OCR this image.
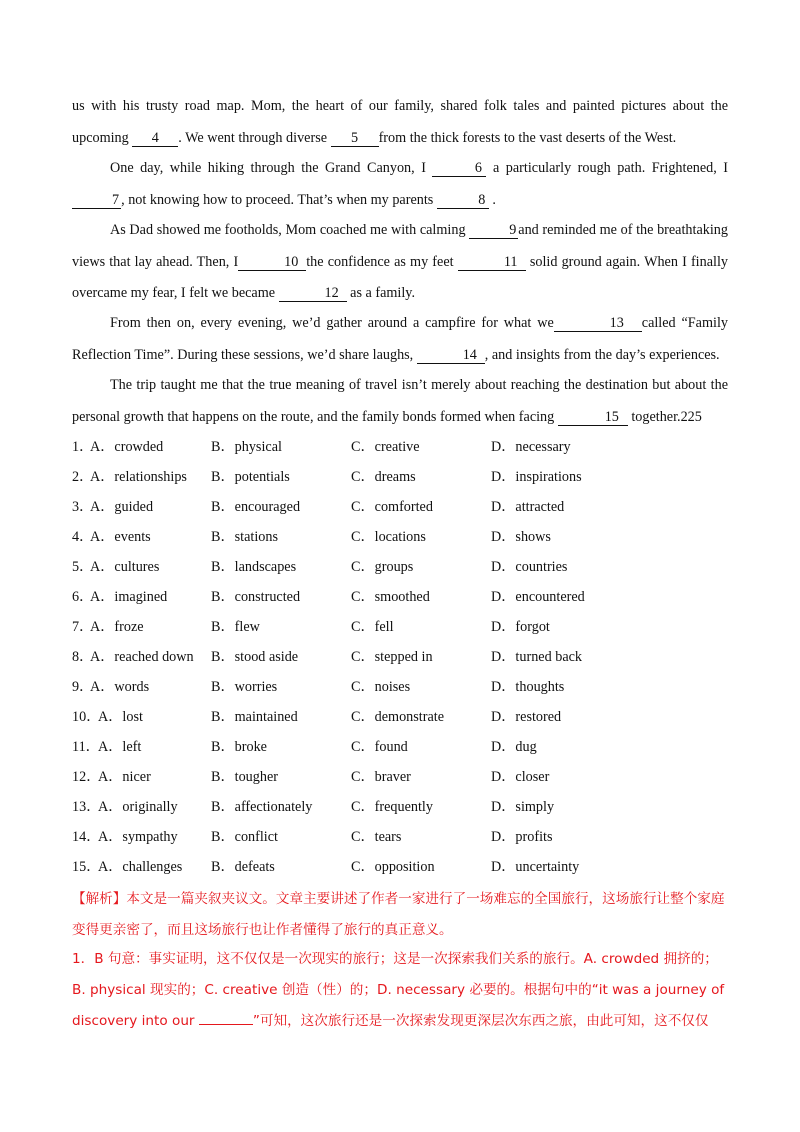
us with his trusty road map. Mom, the heart of our family, shared folk tales and painted pictures about the upcoming 4 . We went through diverse 5 from the thick forests to the vast deserts of the West.
One day, while hiking through the Grand Canyon, I	6 a particularly rough path. Frightened, I 7 , not knowing how to proceed. That’s when my parents	8 .
As Dad showed me footholds, Mom coached me with calming	9 and reminded me of the breathtaking views that lay ahead. Then, I	10 the confidence as my feet	11 solid ground again. When I finally overcame my fear, I felt we became	12 as a family.
From then on, every evening, we’d gather around a campfire for what we	13 called “Family Reflection Time”. During these sessions, we’d share laughs,	14 , and insights from the day’s experiences.
The trip taught me that the true meaning of travel isn’t merely about reaching the destination but about the personal growth that happens on the route, and the family bonds formed when facing	15 together.225
1．
A．crowded	B．physical	C．creative	D．necessary
2．
A．relationships B．potentials	C．dreams	D．inspirations
3．
A．guided	B．encouraged	C．comforted	D．attracted
4．
A．events	B．stations	C．locations	D．shows
5．
A．cultures	B．landscapes	C．groups	D．countries
6．
A．imagined	B．constructed	C．smoothed	D．encountered
7．
A．froze	B．flew	C．fell	D．forgot
8．
A．reached down B．stood aside	C．stepped in	D．turned back
9．
A．words	B．worries	C．noises	D．thoughts
10．
A．lost	B．maintained	C．demonstrate	D．restored
11．
A．left	B．broke	C．found	D．dug
12．
A．nicer	B．tougher	C．braver	D．closer
13．
A．originally B．affectionately	C．frequently	D．simply
14．
A．sympathy B．conflict	C．tears	D．profits
15．
A．challenges B．defeats	C．opposition	D．uncertainty
【解析】本文是一篇夹叙夹议文。文章主要讲述了作者一家进行了一场难忘的全国旅行，这场旅行让整个家庭变得更亲密了，而且这场旅行也让作者懂得了旅行的真正意义。
1．B 句意：事实证明，这不仅仅是一次现实的旅行；这是一次探索我们关系的旅行。A. crowded 拥挤的；B. physical 现实的；C. creative 创造（性）的；D. necessary 必要的。根据句中的“it was a journey of discovery into our	”可知，这次旅行还是一次探索发现更深层次东西之旅，由此可知，这不仅仅
